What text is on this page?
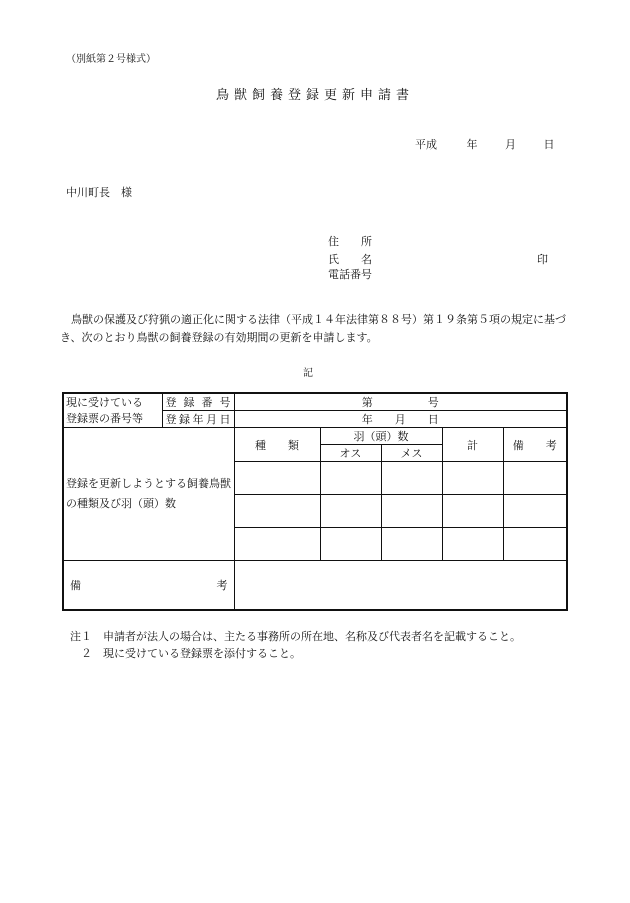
（別紙第２号様式）
鳥獣飼養登録更新申請書
平成	年	月	日
中川町長　様
住　　所
氏　　名	印
電話番号
　鳥獣の保護及び狩猟の適正化に関する法律（平成１４年法律第８８号）第１９条第５項の規定に基づき、次のとおり鳥獣の飼養登録の有効期間の更新を申請します。
記
現に受けている
登録票の番号等	登録番号	第　　　　　号				
	登録年月日	年　　月　　日				
登録を更新しようとする飼養鳥獣の種類及び羽（頭）数		種　　類	羽（頭）数		計	備　　考
			オス	メス		

備 考						

注１　申請者が法人の場合は、主たる事務所の所在地、名称及び代表者名を記載すること。
　２　現に受けている登録票を添付すること。
